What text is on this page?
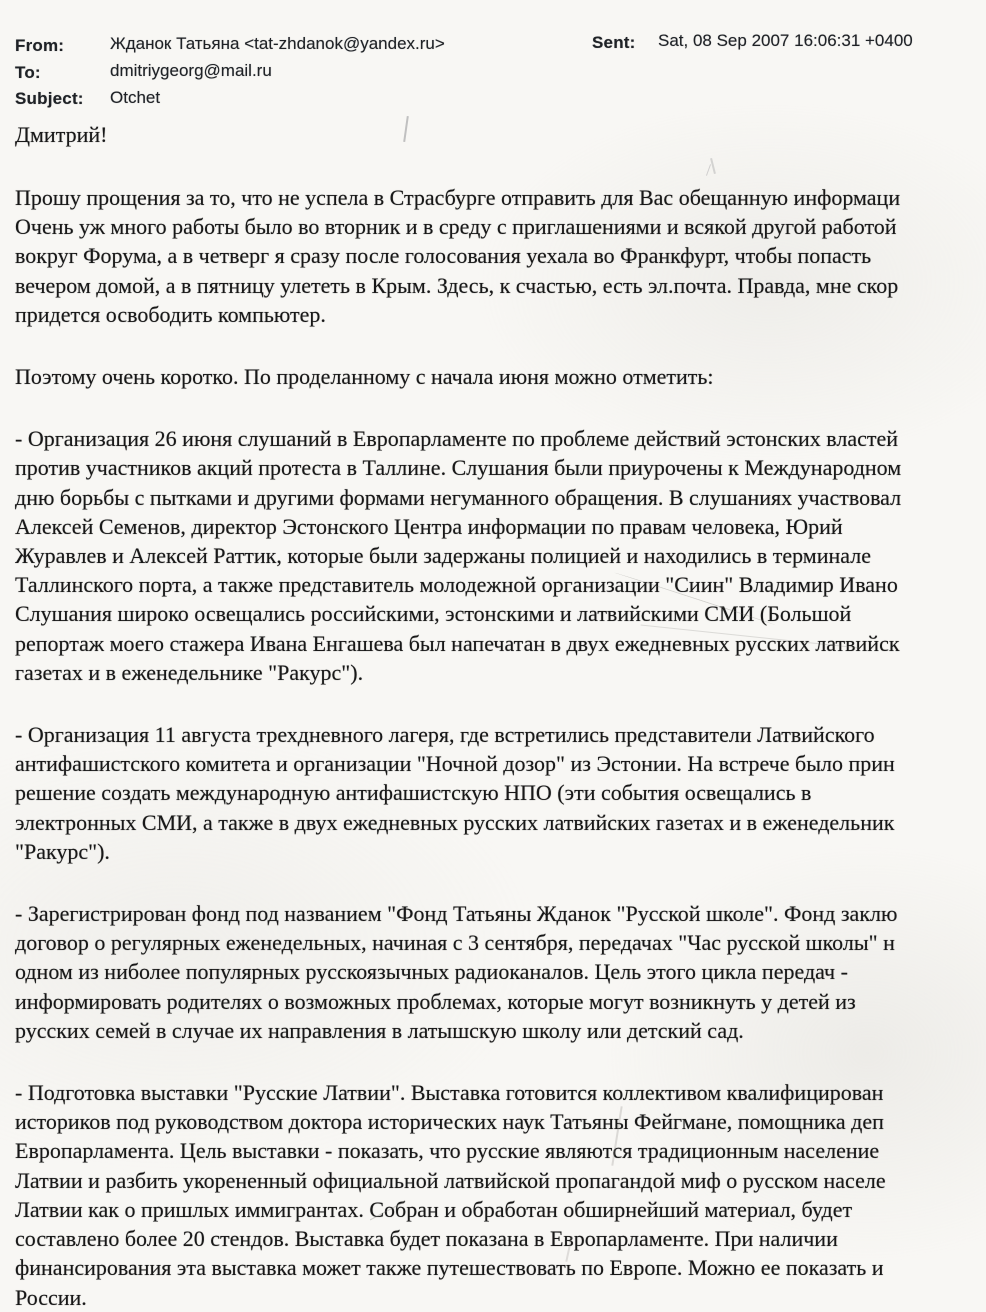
From:	Жданок Татьяна <tat-zhdanok@yandex.ru>	Sent: Sat, 08 Sep 2007 16:06:31 +0400
To:	dmitriygeorg@mail.ru
Subject: Otchet
Дмитрий!
Прошу прощения за то, что не успела в Страсбурге отправить для Вас обещанную информаци
Очень уж много работы было во вторник и в среду с приглашениями и всякой другой работой
вокруг Форума, а в четверг я сразу после голосования уехала во Франкфурт, чтобы попасть
вечером домой, а в пятницу улететь в Крым. Здесь, к счастью, есть эл.почта. Правда, мне скор
придется освободить компьютер.
Поэтому очень коротко. По проделанному с начала июня можно отметить:
- Организация 26 июня слушаний в Европарламенте по проблеме действий эстонских властей
против участников акций протеста в Таллине. Слушания были приурочены к Международном
дню борьбы с пытками и другими формами негуманного обращения. В слушаниях участвовал
Алексей Семенов, директор Эстонского Центра информации по правам человека, Юрий
Журавлев и Алексей Раттик, которые были задержаны полицией и находились в терминале
Таллинского порта, а также представитель молодежной организации "Сиин" Владимир Ивано
Слушания широко освещались российскими, эстонскими и латвийскими СМИ (Большой
репортаж моего стажера Ивана Енгашева был напечатан в двух ежедневных русских латвийск
газетах и в еженедельнике "Ракурс").
- Организация 11 августа трехдневного лагеря, где встретились представители Латвийского
антифашистского комитета и организации "Ночной дозор" из Эстонии. На встрече было прин
решение создать международную антифашистскую НПО (эти события освещались в
электронных СМИ, а также в двух ежедневных русских латвийских газетах и в еженедельник
"Ракурс").
- Зарегистрирован фонд под названием "Фонд Татьяны Жданок "Русской школе". Фонд заклю
договор о регулярных еженедельных, начиная с 3 сентября, передачах "Час русской школы" н
одном из ниболее популярных русскоязычных радиоканалов. Цель этого цикла передач -
информировать родителях о возможных проблемах, которые могут возникнуть у детей из
русских семей в случае их направления в латышскую школу или детский сад.
- Подготовка выставки "Русские Латвии". Выставка готовится коллективом квалифицирован
историков под руководством доктора исторических наук Татьяны Фейгмане, помощника деп
Европарламента. Цель выставки - показать, что русские являются традиционным население
Латвии и разбить укорененный официальной латвийской пропагандой миф о русском населе
Латвии как о пришлых иммигрантах. Собран и обработан обширнейший материал, будет
составлено более 20 стендов. Выставка будет показана в Европарламенте. При наличии
финансирования эта выставка может также путешествовать по Европе. Можно ее показать и
России.
